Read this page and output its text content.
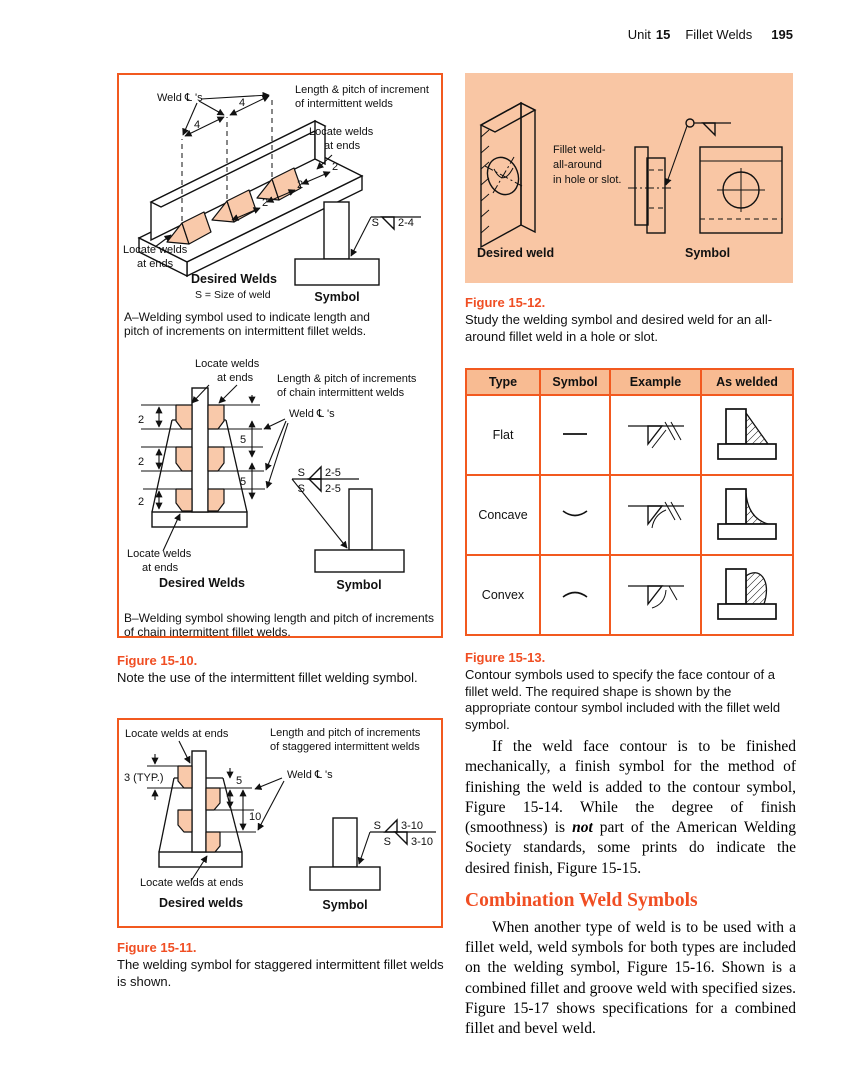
Unit 15 Fillet Welds 195
Weld ℄ 's
Length & pitch of increment
of intermittent welds
Locate welds
at ends
4
4
2
2
2
Locate welds
at ends
Desired Welds
S = Size of weld	Symbol
S 2-4
A–Welding symbol used to indicate length and
pitch of increments on intermittent fillet welds.
Locate welds
at ends Length & pitch of increments
of chain intermittent welds
Weld ℄ 's
2
2
2
5
5
Locate welds
at ends
Desired Welds	Symbol
S 2-5
S 2-5
B–Welding symbol showing length and pitch of increments
of chain intermittent fillet welds.
Figure 15-10.
Note the use of the intermittent fillet welding symbol.
Locate welds at ends	Length and pitch of increments
of staggered intermittent welds
3 (TYP.)	5
10
Weld ℄ 's
Locate welds at ends
Desired welds	Symbol
S 3-10
S 3-10
Figure 15-11.
The welding symbol for staggered intermittent fillet welds is shown.
Fillet weld-
all-around
in hole or slot.
Desired weld	Symbol
Figure 15-12.
Study the welding symbol and desired weld for an all-around fillet weld in a hole or slot.
Type	Symbol	Example	As welded
Flat			
Concave			
Convex			
Figure 15-13.
Contour symbols used to specify the face contour of a fillet weld. The required shape is shown by the appropriate contour symbol included with the fillet weld symbol.

If the weld face contour is to be finished mechanically, a finish symbol for the method of finishing the weld is added to the contour symbol, Figure 15-14. While the degree of finish (smoothness) is not part of the American Welding Society standards, some prints do indicate the desired finish, Figure 15-15.

Combination Weld Symbols

When another type of weld is to be used with a fillet weld, weld symbols for both types are included on the welding symbol, Figure 15-16. Shown is a combined fillet and groove weld with specified sizes. Figure 15-17 shows specifications for a combined fillet and bevel weld.
